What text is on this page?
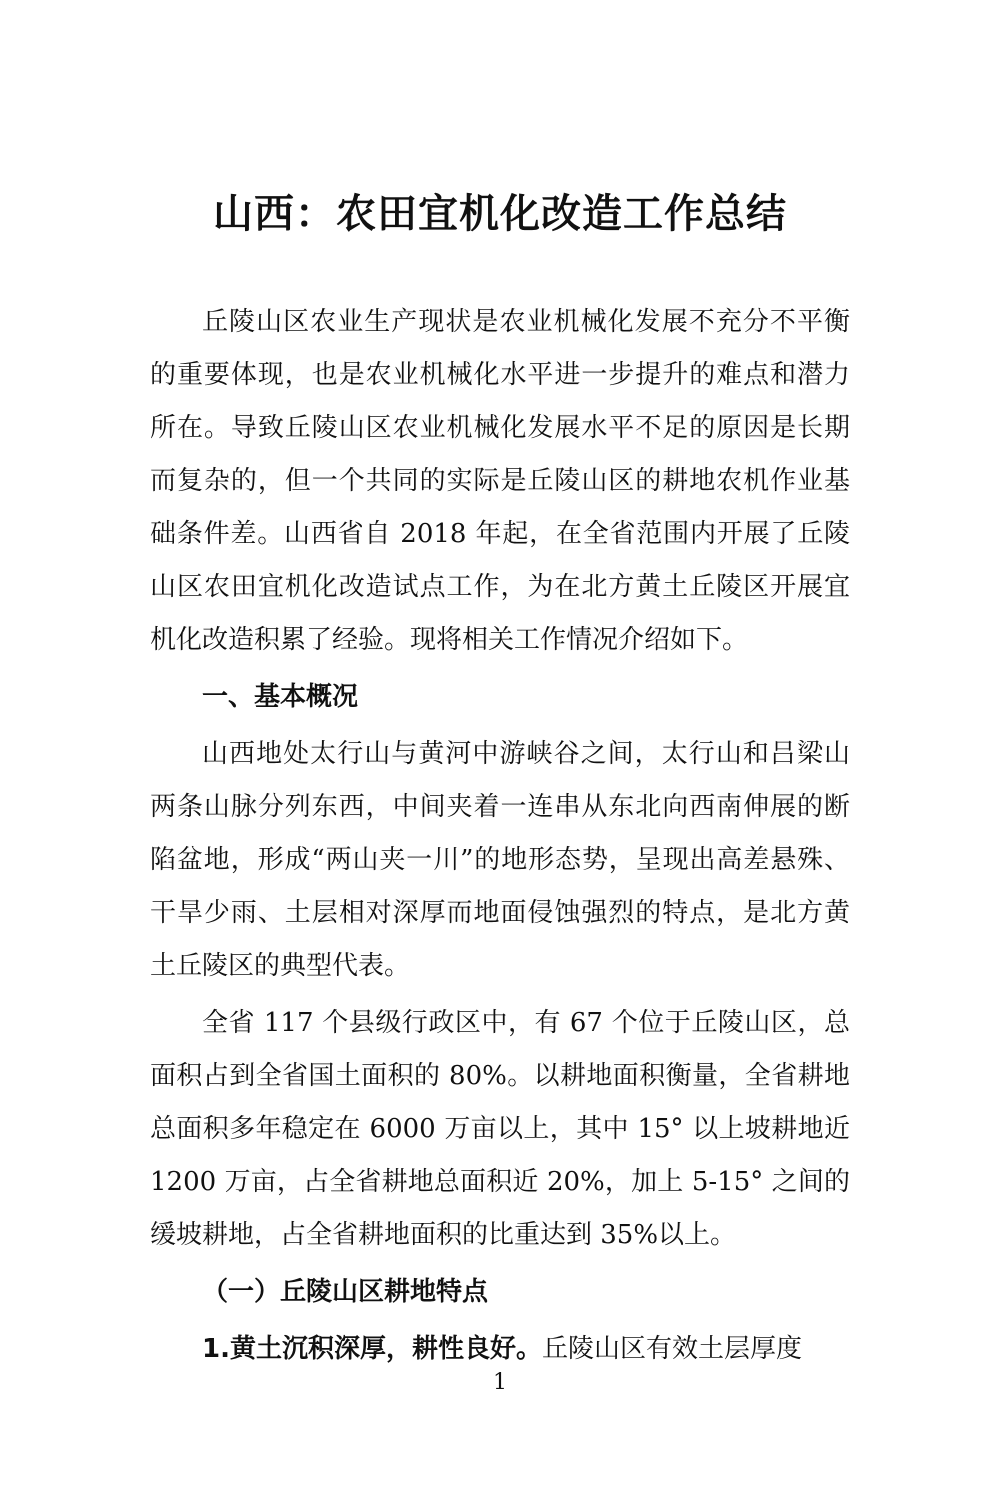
山西：农田宜机化改造工作总结

丘陵山区农业生产现状是农业机械化发展不充分不平衡的重要体现，也是农业机械化水平进一步提升的难点和潜力所在。导致丘陵山区农业机械化发展水平不足的原因是长期而复杂的，但一个共同的实际是丘陵山区的耕地农机作业基础条件差。山西省自 2018 年起，在全省范围内开展了丘陵山区农田宜机化改造试点工作，为在北方黄土丘陵区开展宜机化改造积累了经验。现将相关工作情况介绍如下。

一、基本概况

山西地处太行山与黄河中游峡谷之间，太行山和吕梁山两条山脉分列东西，中间夹着一连串从东北向西南伸展的断陷盆地，形成“两山夹一川”的地形态势，呈现出高差悬殊、干旱少雨、土层相对深厚而地面侵蚀强烈的特点，是北方黄土丘陵区的典型代表。

全省 117 个县级行政区中，有 67 个位于丘陵山区，总面积占到全省国土面积的 80%。以耕地面积衡量，全省耕地总面积多年稳定在 6000 万亩以上，其中 15° 以上坡耕地近 1200 万亩，占全省耕地总面积近 20%，加上 5-15° 之间的缓坡耕地，占全省耕地面积的比重达到 35%以上。

（一）丘陵山区耕地特点

1.黄土沉积深厚，耕性良好。丘陵山区有效土层厚度

1
